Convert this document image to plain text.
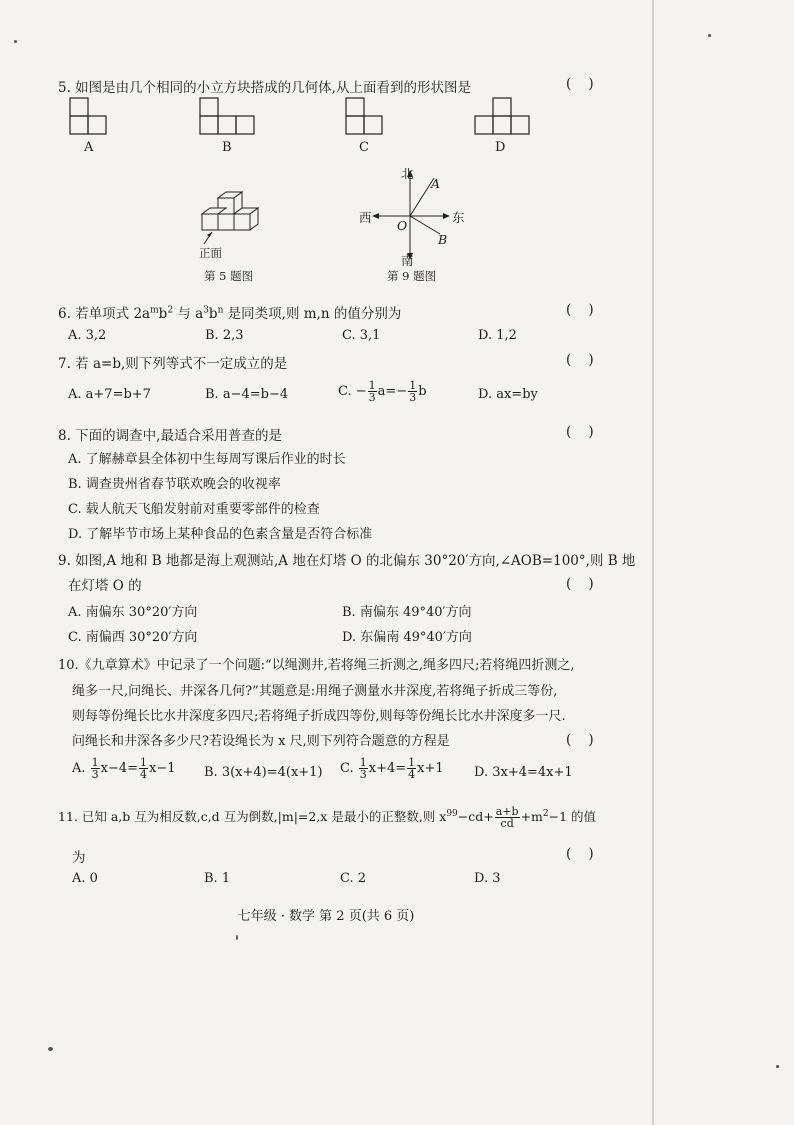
5. 如图是由几个相同的小立方块搭成的几何体,从上面看到的形状图是	(    )
A	B	C	D
正面
第 5 题图
北
南
东
西
A
B
O
第 9 题图
6. 若单项式 $2a^mb^2$ 与 $a^3b^n$ 是同类项,则 m,n 的值分别为	(    )
A. 3,2	B. 2,3	C. 3,1	D. 1,2
7. 若 a=b,则下列等式不一定成立的是	(    )
A. a+7=b+7	B. a−4=b−4	C. − $\frac{1}{3} a=- \frac{1}{3}$ b	D. ax=by
8. 下面的调查中,最适合采用普查的是	(    )
A. 了解赫章县全体初中生每周写课后作业的时长
B. 调查贵州省春节联欢晚会的收视率
C. 载人航天飞船发射前对重要零部件的检查
D. 了解毕节市场上某种食品的色素含量是否符合标准
9. 如图,A 地和 B 地都是海上观测站,A 地在灯塔 O 的北偏东 30°20′方向,∠AOB=100°,则 B 地
在灯塔 O 的	(    )
A. 南偏东 30°20′方向	B. 南偏东 49°40′方向
C. 南偏西 30°20′方向	D. 东偏南 49°40′方向
10.《九章算术》中记录了一个问题:“以绳测井,若将绳三折测之,绳多四尺;若将绳四折测之,
绳多一尺,问绳长、井深各几何?”其题意是:用绳子测量水井深度,若将绳子折成三等份,
则每等份绳长比水井深度多四尺;若将绳子折成四等份,则每等份绳长比水井深度多一尺.
问绳长和井深各多少尺?若设绳长为 x 尺,则下列符合题意的方程是	(    )
A. $\frac{1}{3} x-4= \frac{1}{4} x-1$ B. 3(x+4)=4(x+1) C. $\frac{1}{3} x+4= \frac{1}{4} x+1$ D. 3x+4=4x+1
11. 已知 a,b 互为相反数,c,d 互为倒数,|m|=2,x 是最小的正整数,则 $x^{99}-cd+ \frac{a+b}{cd} +m^2-1$ 的值
为	(    )
A. 0	B. 1	C. 2	D. 3
七年级 · 数学 第 2 页(共 6 页)
